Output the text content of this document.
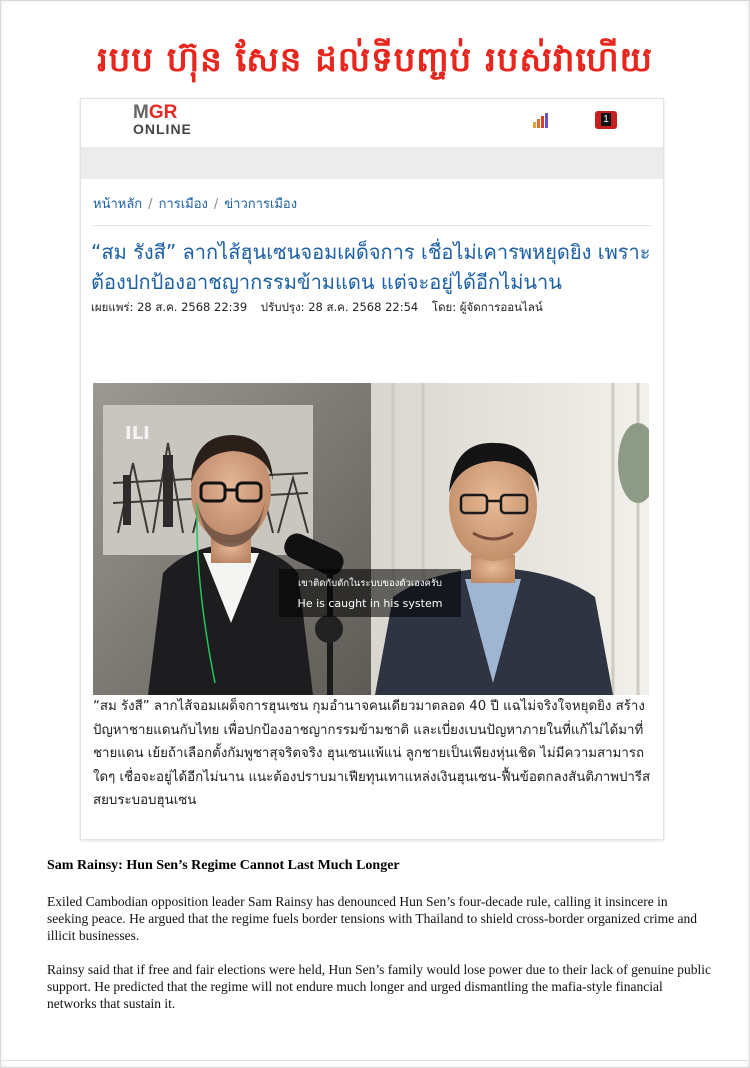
របប ហ៊ុន សែន ដល់ទីបញ្ចប់ របស់វាហើយ
MGR
ONLINE
1
หน้าหลัก / การเมือง / ข่าวการเมือง
“สม รังสี” ลากไส้ฮุนเซนจอมเผด็จการ เชื่อไม่เคารพหยุดยิง เพราะต้องปกป้องอาชญากรรมข้ามแดน แต่จะอยู่ได้อีกไม่นาน
เผยแพร่: 28 ส.ค. 2568 22:39 ปรับปรุง: 28 ส.ค. 2568 22:54 โดย: ผู้จัดการออนไลน์
ILI
เขาติดกับดักในระบบของตัวเองครับ
He is caught in his system
“สม รังสี” ลากไส้จอมเผด็จการฮุนเซน กุมอำนาจคนเดียวมาตลอด 40 ปี แฉไม่จริงใจหยุดยิง สร้างปัญหาชายแดนกับไทย เพื่อปกป้องอาชญากรรมข้ามชาติ และเบี่ยงเบนปัญหาภายในที่แก้ไม่ได้มาที่ชายแดน เย้ยถ้าเลือกตั้งกัมพูชาสุจริตจริง ฮุนเซนแพ้แน่ ลูกชายเป็นเพียงหุ่นเชิด ไม่มีความสามารถใดๆ เชื่อจะอยู่ได้อีกไม่นาน แนะต้องปราบมาเฟียทุนเทาแหล่งเงินฮุนเซน-ฟื้นข้อตกลงสันติภาพปารีส สยบระบอบฮุนเซน
Sam Rainsy: Hun Sen’s Regime Cannot Last Much Longer
Exiled Cambodian opposition leader Sam Rainsy has denounced Hun Sen’s four-decade rule, calling it insincere in seeking peace. He argued that the regime fuels border tensions with Thailand to shield cross-border organized crime and illicit businesses.
Rainsy said that if free and fair elections were held, Hun Sen’s family would lose power due to their lack of genuine public support. He predicted that the regime will not endure much longer and urged dismantling the mafia-style financial networks that sustain it.
